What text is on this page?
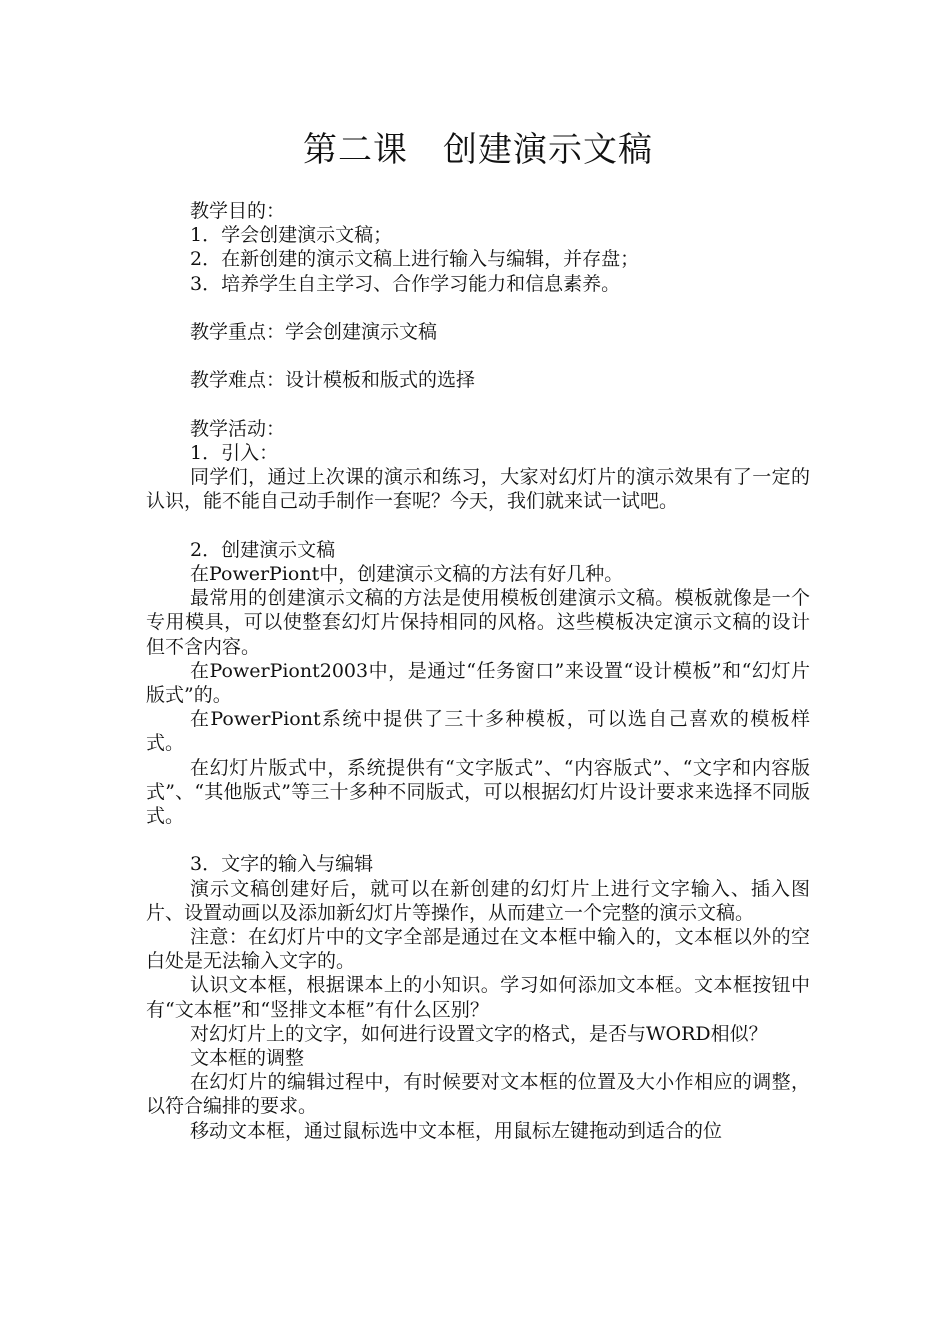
第二课　创建演示文稿

教学目的：

1．学会创建演示文稿；

2．在新创建的演示文稿上进行输入与编辑，并存盘；

3．培养学生自主学习、合作学习能力和信息素养。

教学重点：学会创建演示文稿

教学难点：设计模板和版式的选择

教学活动：

1．引入：

同学们，通过上次课的演示和练习，大家对幻灯片的演示效果有了一定的认识，能不能自己动手制作一套呢？今天，我们就来试一试吧。

2．创建演示文稿

在PowerPiont中，创建演示文稿的方法有好几种。

最常用的创建演示文稿的方法是使用模板创建演示文稿。模板就像是一个专用模具，可以使整套幻灯片保持相同的风格。这些模板决定演示文稿的设计但不含内容。

在PowerPiont2003中，是通过“任务窗口”来设置“设计模板”和“幻灯片版式”的。

在PowerPiont系统中提供了三十多种模板，可以选自己喜欢的模板样式。

在幻灯片版式中，系统提供有“文字版式”、“内容版式”、“文字和内容版式”、“其他版式”等三十多种不同版式，可以根据幻灯片设计要求来选择不同版式。

3．文字的输入与编辑

演示文稿创建好后，就可以在新创建的幻灯片上进行文字输入、插入图片、设置动画以及添加新幻灯片等操作，从而建立一个完整的演示文稿。

注意：在幻灯片中的文字全部是通过在文本框中输入的，文本框以外的空白处是无法输入文字的。

认识文本框，根据课本上的小知识。学习如何添加文本框。文本框按钮中有“文本框”和“竖排文本框”有什么区别？

对幻灯片上的文字，如何进行设置文字的格式，是否与WORD相似？

文本框的调整

在幻灯片的编辑过程中，有时候要对文本框的位置及大小作相应的调整，以符合编排的要求。

移动文本框，通过鼠标选中文本框，用鼠标左键拖动到适合的位
